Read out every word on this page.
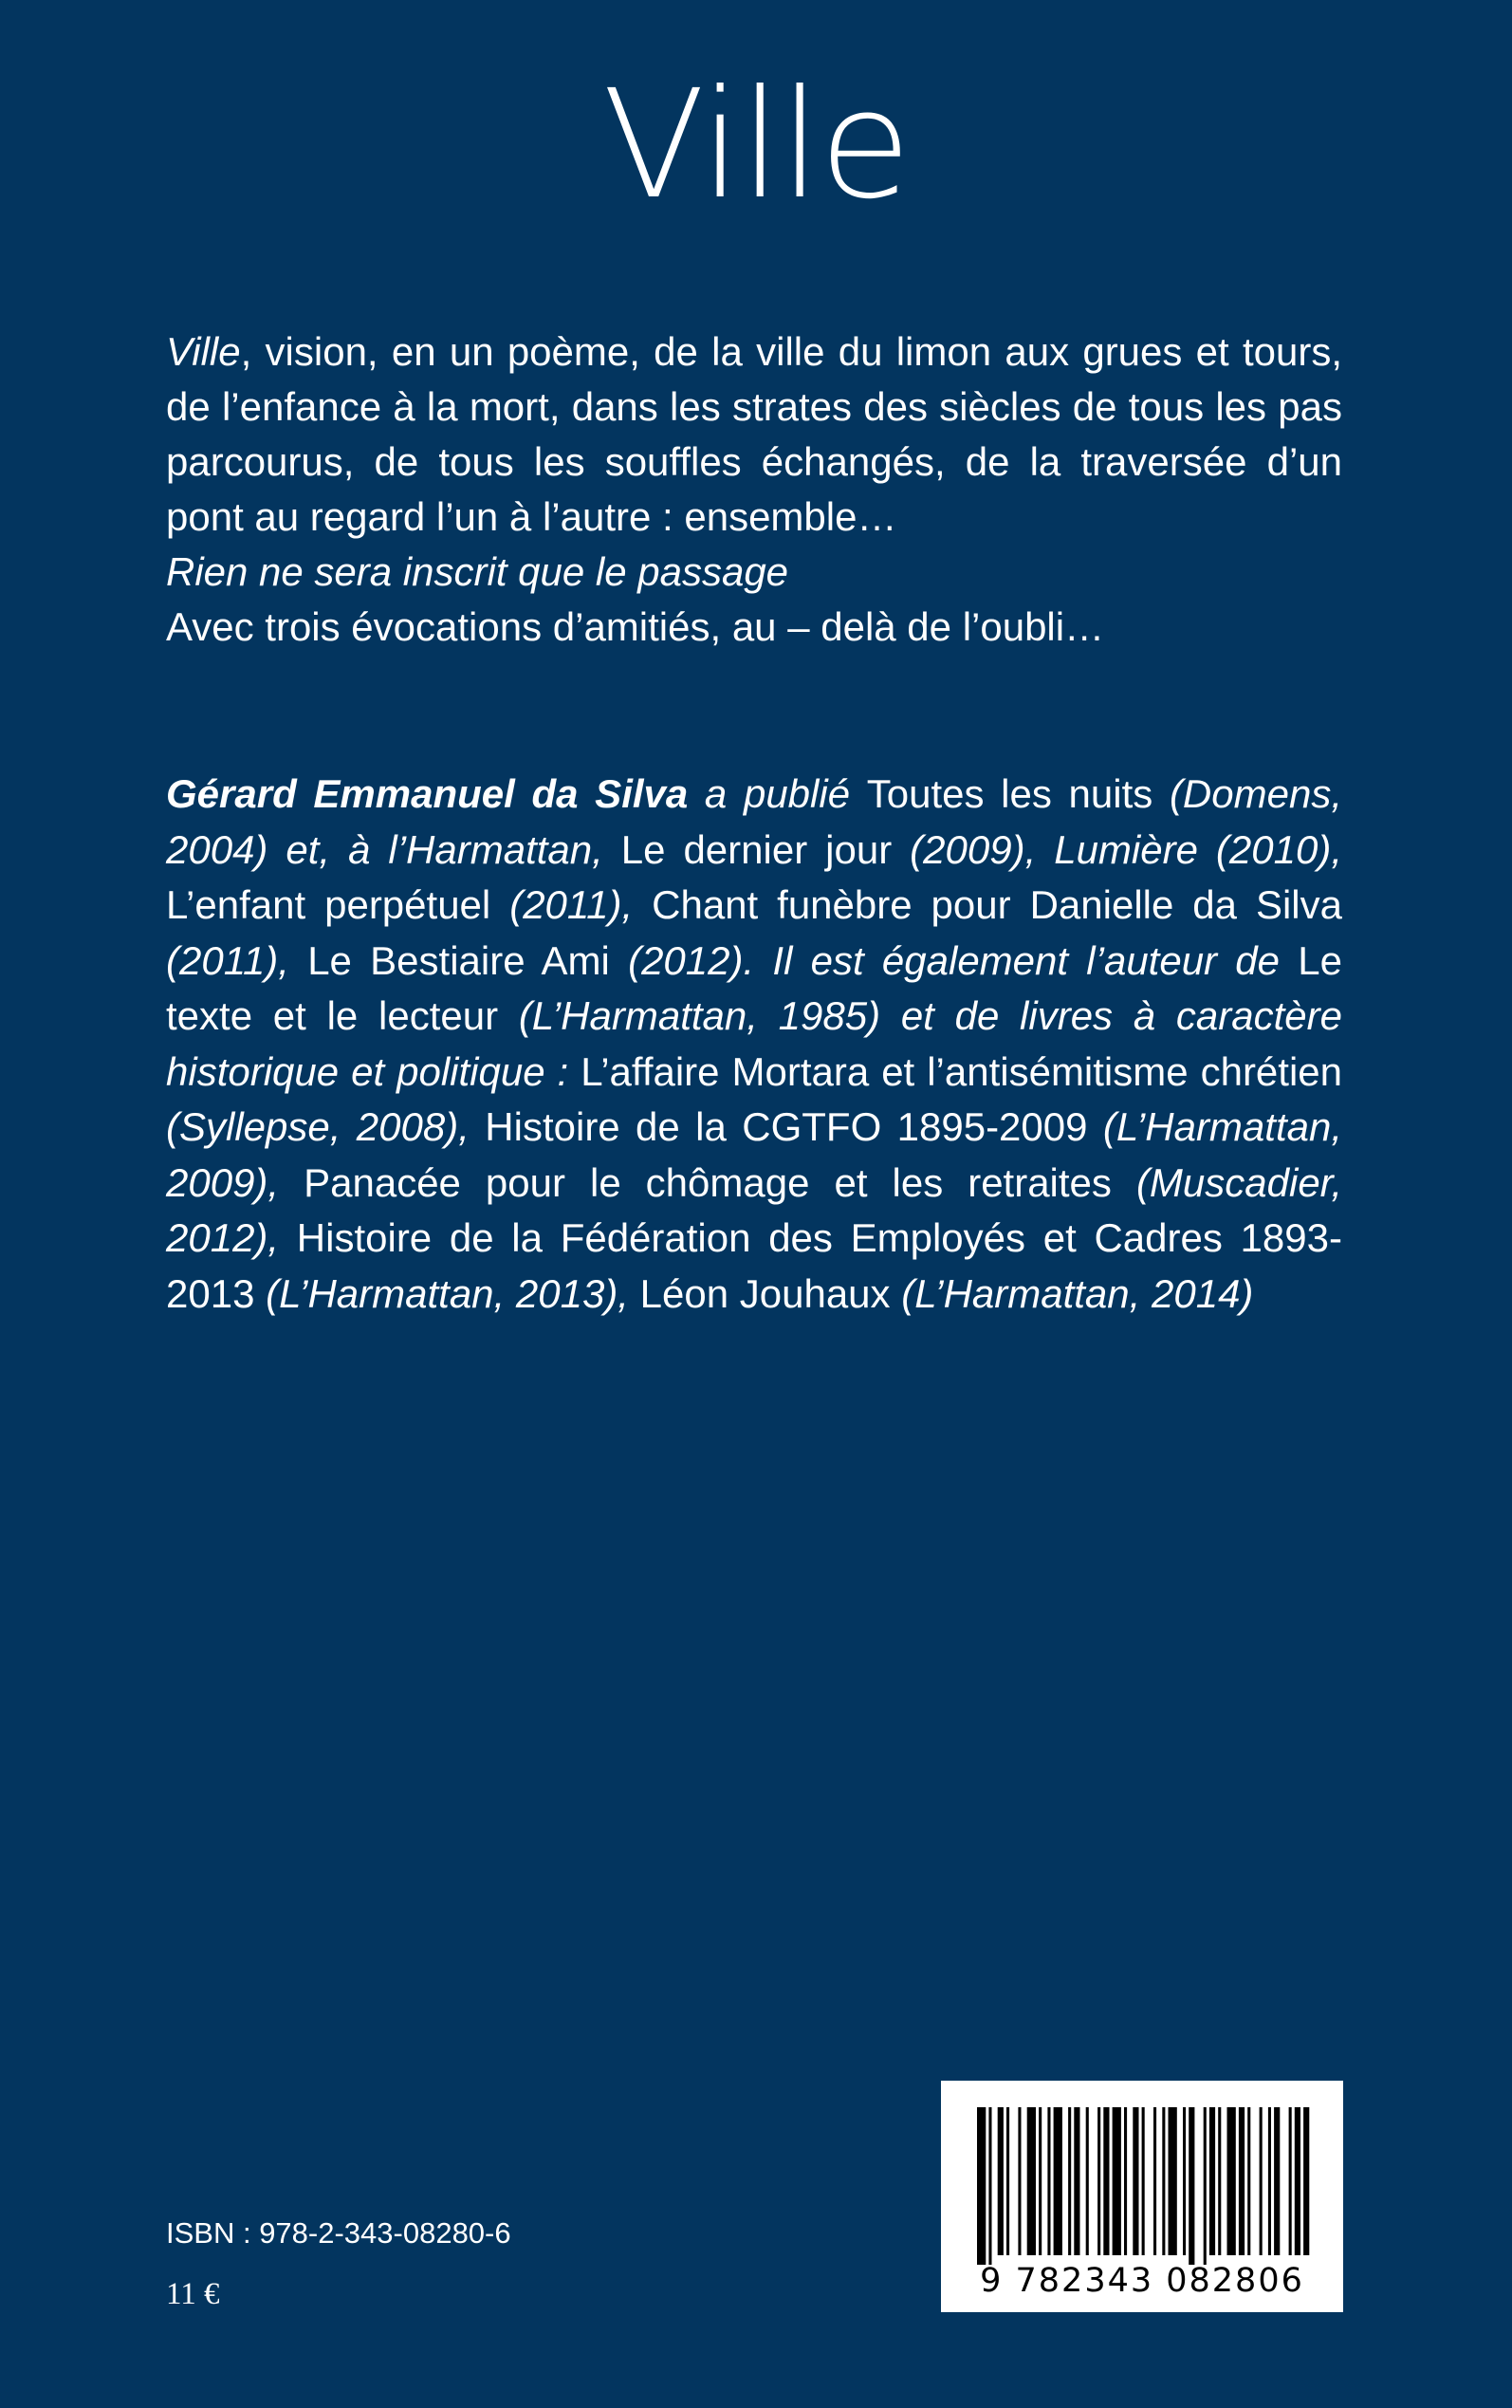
Ville

Ville, vision, en un poème, de la ville du limon aux grues et tours, de l’enfance à la mort, dans les strates des siècles de tous les pas parcourus, de tous les souffles échangés, de la traversée d’un pont au regard l’un à l’autre : ensemble…

Rien ne sera inscrit que le passage

Avec trois évocations d’amitiés, au – delà de l’oubli…

Gérard Emmanuel da Silva a publié Toutes les nuits (Domens, 2004) et, à l’Harmattan, Le dernier jour (2009), Lumière (2010), L’enfant perpétuel (2011), Chant funèbre pour Danielle da Silva (2011), Le Bestiaire Ami (2012). Il est également l’auteur de Le texte et le lecteur (L’Harmattan, 1985) et de livres à caractère historique et politique : L’affaire Mortara et l’antisémitisme chrétien (Syllepse, 2008), Histoire de la CGTFO 1895-2009 (L’Harmattan, 2009), Panacée pour le chômage et les retraites (Muscadier, 2012), Histoire de la Fédération des Employés et Cadres 1893-2013 (L’Harmattan, 2013), Léon Jouhaux (L’Harmattan, 2014)

ISBN : 978-2-343-08280-6
11 €	9 782343 082806
